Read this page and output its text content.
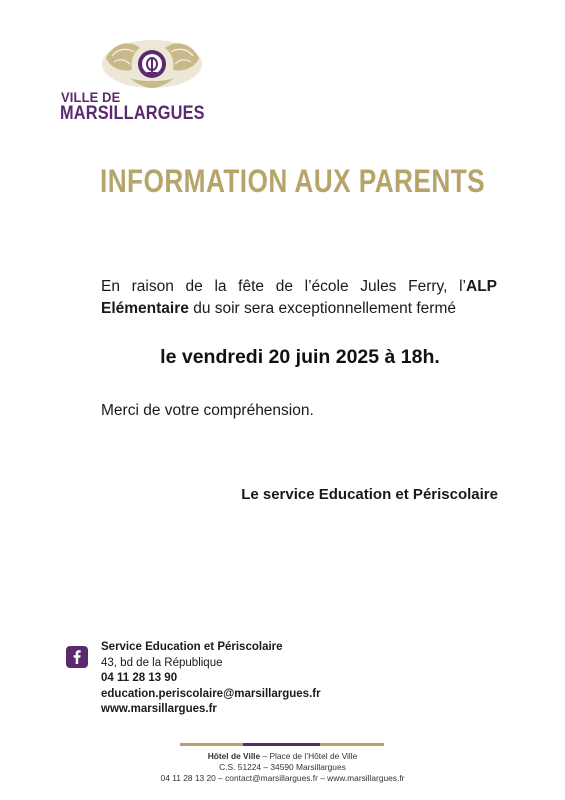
VILLE DE
MARSILLARGUES
INFORMATION AUX PARENTS
En raison de la fête de l’école Jules Ferry, l’ALP Elémentaire du soir sera exceptionnellement fermé
le vendredi 20 juin 2025 à 18h.
Merci de votre compréhension.
Le service Education et Périscolaire
Service Education et Périscolaire
43, bd de la République
04 11 28 13 90
education.periscolaire@marsillargues.fr
www.marsillargues.fr
Hôtel de Ville – Place de l’Hôtel de Ville
C.S. 51224 – 34590 Marsillargues
04 11 28 13 20 – contact@marsillargues.fr – www.marsillargues.fr
